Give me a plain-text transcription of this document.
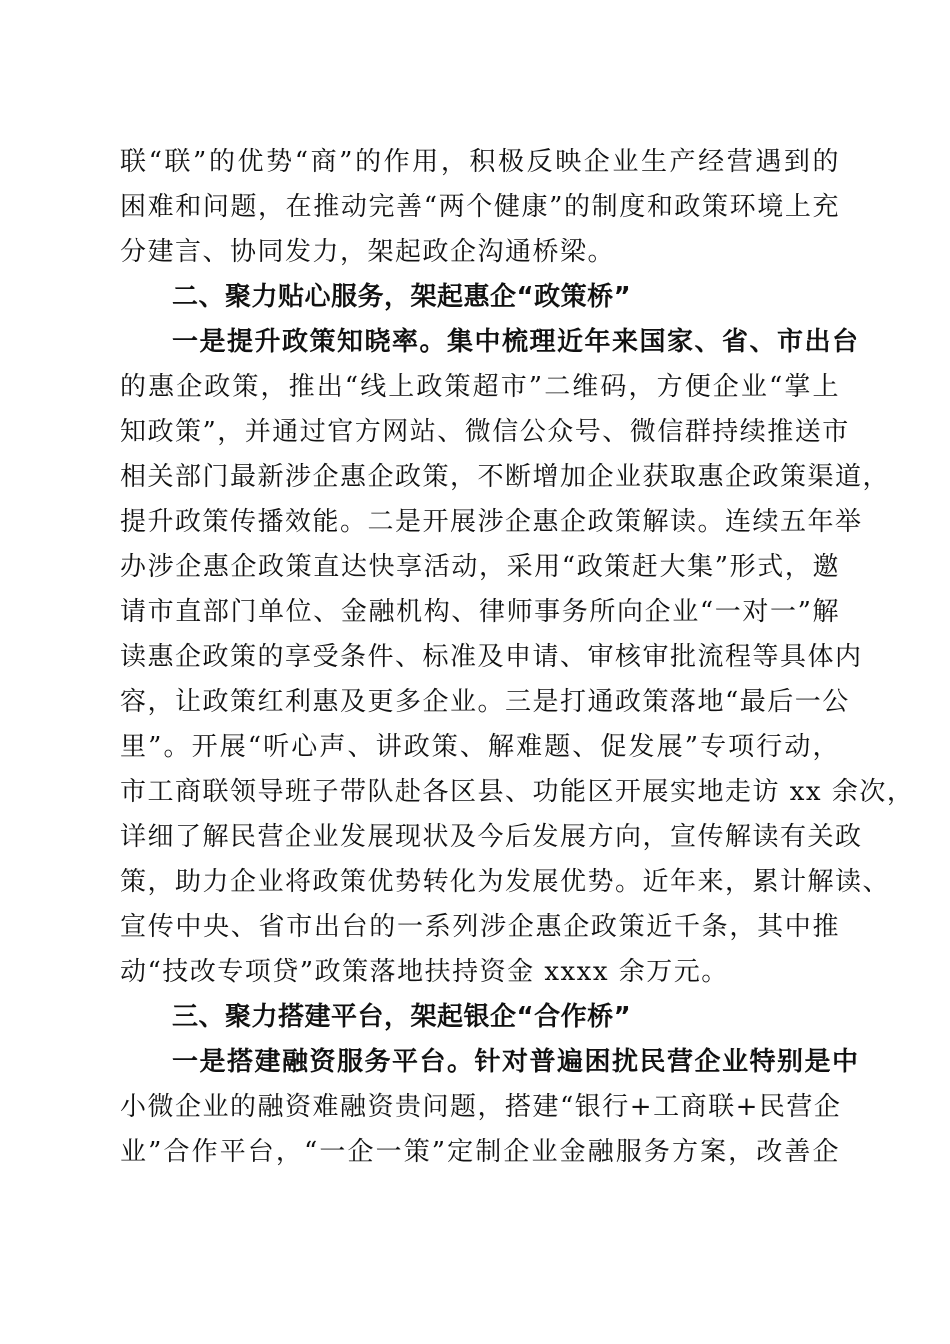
联“联”的优势“商”的作用，积极反映企业生产经营遇到的
困难和问题，在推动完善“两个健康”的制度和政策环境上充
分建言、协同发力，架起政企沟通桥梁。
二、聚力贴心服务，架起惠企“政策桥”
一是提升政策知晓率。集中梳理近年来国家、省、市出台
的惠企政策，推出“线上政策超市”二维码，方便企业“掌上
知政策”，并通过官方网站、微信公众号、微信群持续推送市
相关部门最新涉企惠企政策，不断增加企业获取惠企政策渠道，
提升政策传播效能。二是开展涉企惠企政策解读。连续五年举
办涉企惠企政策直达快享活动，采用“政策赶大集”形式，邀
请市直部门单位、金融机构、律师事务所向企业“一对一”解
读惠企政策的享受条件、标准及申请、审核审批流程等具体内
容，让政策红利惠及更多企业。三是打通政策落地“最后一公
里”。开展“听心声、讲政策、解难题、促发展”专项行动，
市工商联领导班子带队赴各区县、功能区开展实地走访 xx 余次，
详细了解民营企业发展现状及今后发展方向，宣传解读有关政
策，助力企业将政策优势转化为发展优势。近年来，累计解读、
宣传中央、省市出台的一系列涉企惠企政策近千条，其中推
动“技改专项贷”政策落地扶持资金 xxxx 余万元。
三、聚力搭建平台，架起银企“合作桥”
一是搭建融资服务平台。针对普遍困扰民营企业特别是中
小微企业的融资难融资贵问题，搭建“银行+工商联+民营企
业”合作平台，“一企一策”定制企业金融服务方案，改善企
